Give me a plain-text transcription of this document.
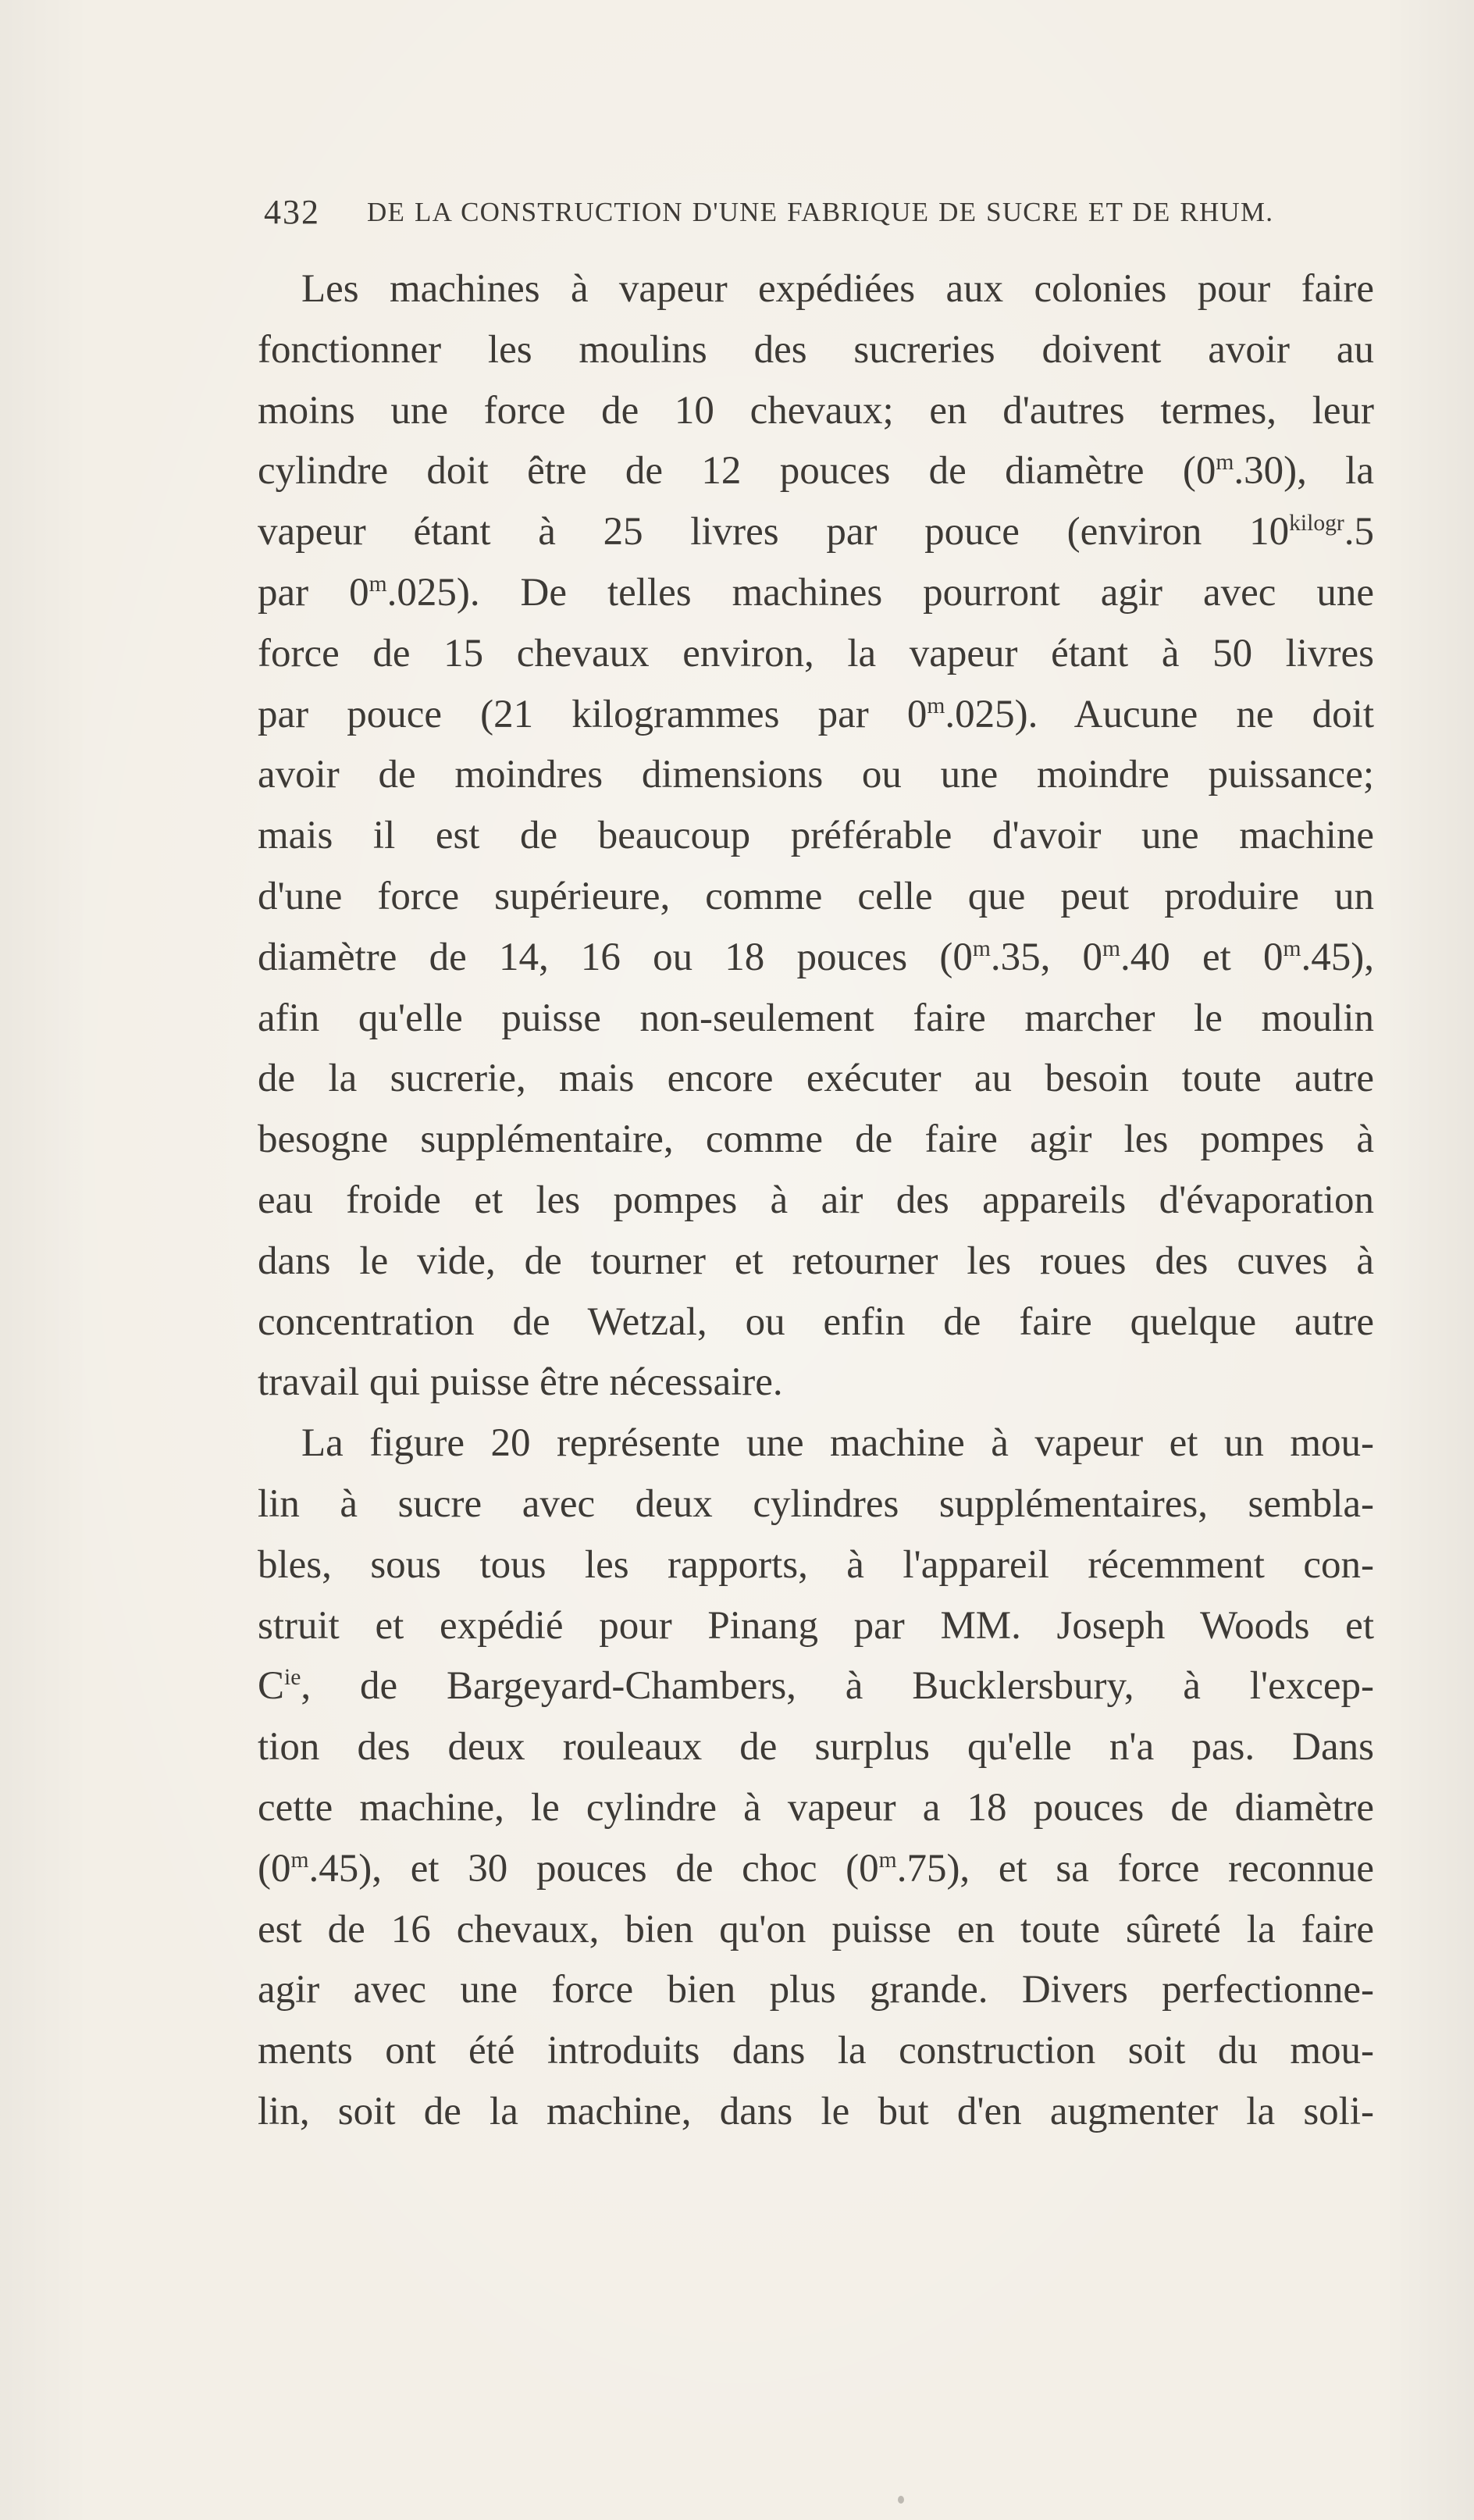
432 DE LA CONSTRUCTION D'UNE FABRIQUE DE SUCRE ET DE RHUM.

Les machines à vapeur expédiées aux colonies pour faire
fonctionner les moulins des sucreries doivent avoir au
moins une force de 10 chevaux; en d'autres termes, leur
cylindre doit être de 12 pouces de diamètre (0$^m$.30), la
vapeur étant à 25 livres par pouce (environ $10^{kilogr}.5$
par 0$^m$.025). De telles machines pourront agir avec une
force de 15 chevaux environ, la vapeur étant à 50 livres
par pouce (21 kilogrammes par 0$^m$.025). Aucune ne doit
avoir de moindres dimensions ou une moindre puissance;
mais il est de beaucoup préférable d'avoir une machine
d'une force supérieure, comme celle que peut produire un
diamètre de 14, 16 ou 18 pouces (0$^m$.35, 0$^m$.40 et 0$^m$.45),
afin qu'elle puisse non-seulement faire marcher le moulin
de la sucrerie, mais encore exécuter au besoin toute autre
besogne supplémentaire, comme de faire agir les pompes à
eau froide et les pompes à air des appareils d'évaporation
dans le vide, de tourner et retourner les roues des cuves à
concentration de Wetzal, ou enfin de faire quelque autre
travail qui puisse être nécessaire.

La figure 20 représente une machine à vapeur et un mou-
lin à sucre avec deux cylindres supplémentaires, sembla-
bles, sous tous les rapports, à l'appareil récemment con-
struit et expédié pour Pinang par MM. Joseph Woods et
$C^{ie}$, de Bargeyard-Chambers, à Bucklersbury, à l'excep-
tion des deux rouleaux de surplus qu'elle n'a pas. Dans
cette machine, le cylindre à vapeur a 18 pouces de diamètre
(0$^m$.45), et 30 pouces de choc (0$^m$.75), et sa force reconnue
est de 16 chevaux, bien qu'on puisse en toute sûreté la faire
agir avec une force bien plus grande. Divers perfectionne-
ments ont été introduits dans la construction soit du mou-
lin, soit de la machine, dans le but d'en augmenter la soli-
